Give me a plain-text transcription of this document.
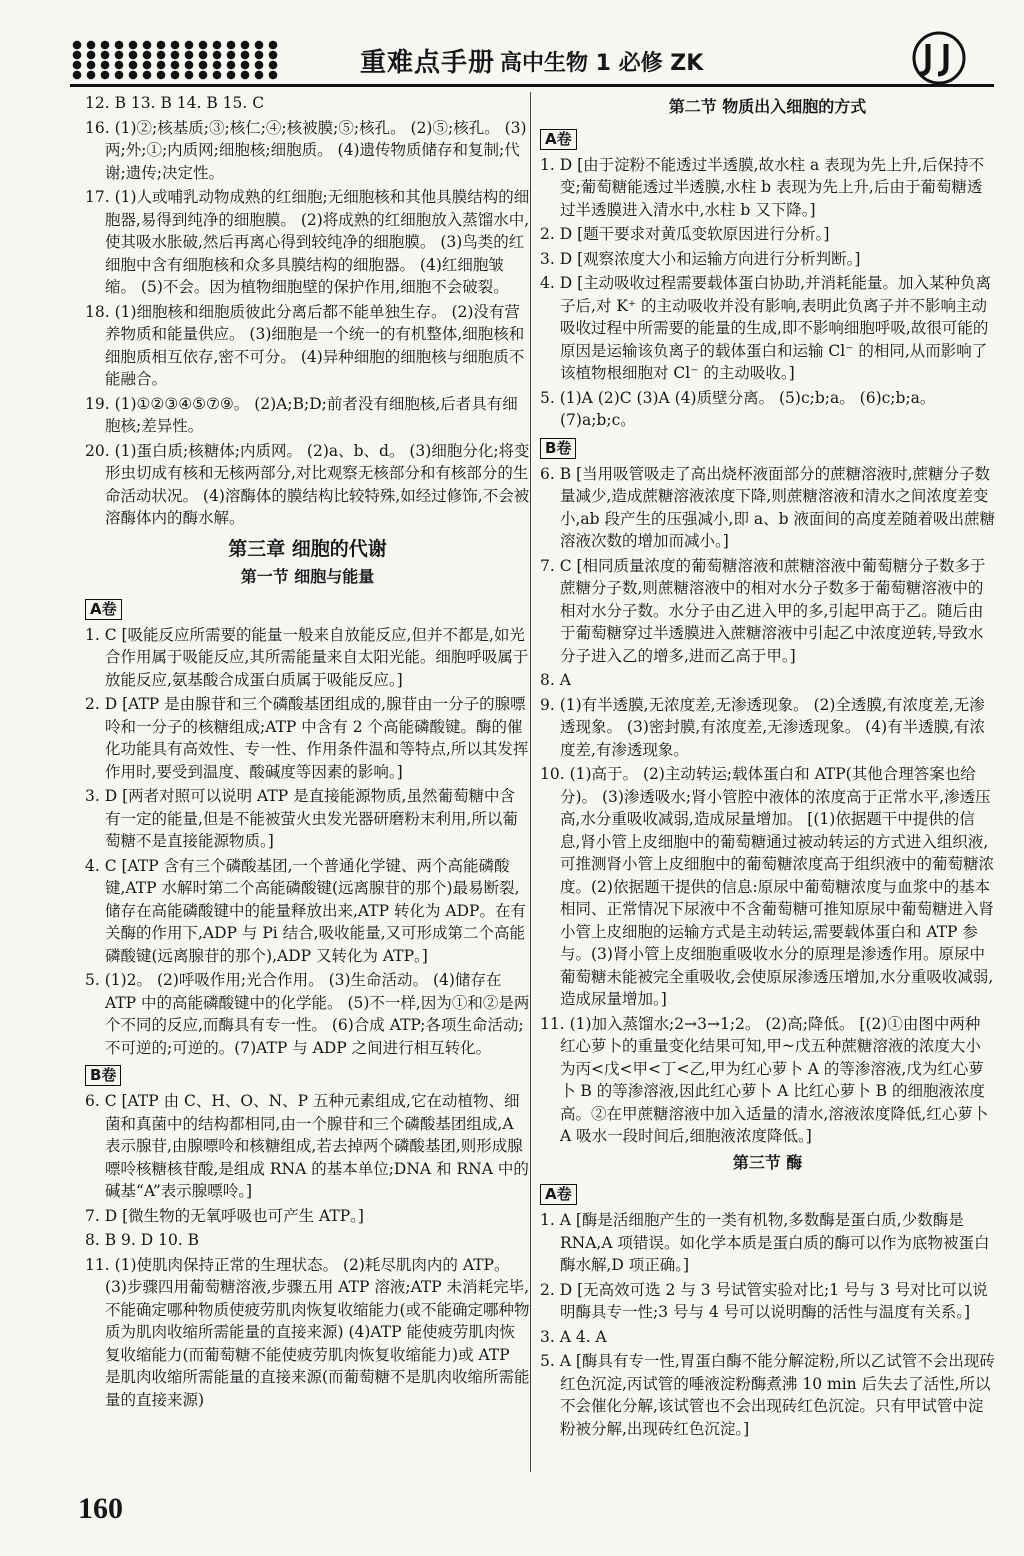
重难点手册 高中生物 1 必修 ZK
12. B 13. B 14. B 15. C
16. (1)②;核基质;③;核仁;④;核被膜;⑤;核孔。 (2)⑤;核孔。 (3)两;外;①;内质网;细胞核;细胞质。 (4)遗传物质储存和复制;代谢;遗传;决定性。
17. (1)人或哺乳动物成熟的红细胞;无细胞核和其他具膜结构的细胞器,易得到纯净的细胞膜。 (2)将成熟的红细胞放入蒸馏水中,使其吸水胀破,然后再离心得到较纯净的细胞膜。 (3)鸟类的红细胞中含有细胞核和众多具膜结构的细胞器。 (4)红细胞皱缩。 (5)不会。因为植物细胞壁的保护作用,细胞不会破裂。
18. (1)细胞核和细胞质彼此分离后都不能单独生存。 (2)没有营养物质和能量供应。 (3)细胞是一个统一的有机整体,细胞核和细胞质相互依存,密不可分。 (4)异种细胞的细胞核与细胞质不能融合。
19. (1)①②③④⑤⑦⑨。 (2)A;B;D;前者没有细胞核,后者具有细胞核;差异性。
20. (1)蛋白质;核糖体;内质网。 (2)a、b、d。 (3)细胞分化;将变形虫切成有核和无核两部分,对比观察无核部分和有核部分的生命活动状况。 (4)溶酶体的膜结构比较特殊,如经过修饰,不会被溶酶体内的酶水解。
第三章 细胞的代谢
第一节 细胞与能量
A卷
1. C [吸能反应所需要的能量一般来自放能反应,但并不都是,如光合作用属于吸能反应,其所需能量来自太阳光能。细胞呼吸属于放能反应,氨基酸合成蛋白质属于吸能反应。]
2. D [ATP 是由腺苷和三个磷酸基团组成的,腺苷由一分子的腺嘌呤和一分子的核糖组成;ATP 中含有 2 个高能磷酸键。酶的催化功能具有高效性、专一性、作用条件温和等特点,所以其发挥作用时,要受到温度、酸碱度等因素的影响。]
3. D [两者对照可以说明 ATP 是直接能源物质,虽然葡萄糖中含有一定的能量,但是不能被萤火虫发光器研磨粉末利用,所以葡萄糖不是直接能源物质。]
4. C [ATP 含有三个磷酸基团,一个普通化学键、两个高能磷酸键,ATP 水解时第二个高能磷酸键(远离腺苷的那个)最易断裂,储存在高能磷酸键中的能量释放出来,ATP 转化为 ADP。在有关酶的作用下,ADP 与 Pi 结合,吸收能量,又可形成第二个高能磷酸键(远离腺苷的那个),ADP 又转化为 ATP。]
5. (1)2。 (2)呼吸作用;光合作用。 (3)生命活动。 (4)储存在 ATP 中的高能磷酸键中的化学能。 (5)不一样,因为①和②是两个不同的反应,而酶具有专一性。 (6)合成 ATP;各项生命活动;不可逆的;可逆的。(7)ATP 与 ADP 之间进行相互转化。
B卷
6. C [ATP 由 C、H、O、N、P 五种元素组成,它在动植物、细菌和真菌中的结构都相同,由一个腺苷和三个磷酸基团组成,A 表示腺苷,由腺嘌呤和核糖组成,若去掉两个磷酸基团,则形成腺嘌呤核糖核苷酸,是组成 RNA 的基本单位;DNA 和 RNA 中的碱基“A”表示腺嘌呤。]
7. D [微生物的无氧呼吸也可产生 ATP。]
8. B 9. D 10. B
11. (1)使肌肉保持正常的生理状态。 (2)耗尽肌肉内的 ATP。 (3)步骤四用葡萄糖溶液,步骤五用 ATP 溶液;ATP 未消耗完毕,不能确定哪种物质使疲劳肌肉恢复收缩能力(或不能确定哪种物质为肌肉收缩所需能量的直接来源) (4)ATP 能使疲劳肌肉恢复收缩能力(而葡萄糖不能使疲劳肌肉恢复收缩能力)或 ATP 是肌肉收缩所需能量的直接来源(而葡萄糖不是肌肉收缩所需能量的直接来源)
第二节 物质出入细胞的方式
A卷
1. D [由于淀粉不能透过半透膜,故水柱 a 表现为先上升,后保持不变;葡萄糖能透过半透膜,水柱 b 表现为先上升,后由于葡萄糖透过半透膜进入清水中,水柱 b 又下降。]
2. D [题干要求对黄瓜变软原因进行分析。]
3. D [观察浓度大小和运输方向进行分析判断。]
4. D [主动吸收过程需要载体蛋白协助,并消耗能量。加入某种负离子后,对 K⁺ 的主动吸收并没有影响,表明此负离子并不影响主动吸收过程中所需要的能量的生成,即不影响细胞呼吸,故很可能的原因是运输该负离子的载体蛋白和运输 Cl⁻ 的相同,从而影响了该植物根细胞对 Cl⁻ 的主动吸收。]
5. (1)A (2)C (3)A (4)质壁分离。 (5)c;b;a。 (6)c;b;a。 (7)a;b;c。
B卷
6. B [当用吸管吸走了高出烧杯液面部分的蔗糖溶液时,蔗糖分子数量减少,造成蔗糖溶液浓度下降,则蔗糖溶液和清水之间浓度差变小,ab 段产生的压强减小,即 a、b 液面间的高度差随着吸出蔗糖溶液次数的增加而减小。]
7. C [相同质量浓度的葡萄糖溶液和蔗糖溶液中葡萄糖分子数多于蔗糖分子数,则蔗糖溶液中的相对水分子数多于葡萄糖溶液中的相对水分子数。水分子由乙进入甲的多,引起甲高于乙。随后由于葡萄糖穿过半透膜进入蔗糖溶液中引起乙中浓度逆转,导致水分子进入乙的增多,进而乙高于甲。]
8. A
9. (1)有半透膜,无浓度差,无渗透现象。 (2)全透膜,有浓度差,无渗透现象。 (3)密封膜,有浓度差,无渗透现象。 (4)有半透膜,有浓度差,有渗透现象。
10. (1)高于。 (2)主动转运;载体蛋白和 ATP(其他合理答案也给分)。 (3)渗透吸水;肾小管腔中液体的浓度高于正常水平,渗透压高,水分重吸收减弱,造成尿量增加。 [(1)依据题干中提供的信息,肾小管上皮细胞中的葡萄糖通过被动转运的方式进入组织液,可推测肾小管上皮细胞中的葡萄糖浓度高于组织液中的葡萄糖浓度。(2)依据题干提供的信息:原尿中葡萄糖浓度与血浆中的基本相同、正常情况下尿液中不含葡萄糖可推知原尿中葡萄糖进入肾小管上皮细胞的运输方式是主动转运,需要载体蛋白和 ATP 参与。(3)肾小管上皮细胞重吸收水分的原理是渗透作用。原尿中葡萄糖未能被完全重吸收,会使原尿渗透压增加,水分重吸收减弱,造成尿量增加。]
11. (1)加入蒸馏水;2→3→1;2。 (2)高;降低。 [(2)①由图中两种红心萝卜的重量变化结果可知,甲~戊五种蔗糖溶液的浓度大小为丙<戊<甲<丁<乙,甲为红心萝卜 A 的等渗溶液,戊为红心萝卜 B 的等渗溶液,因此红心萝卜 A 比红心萝卜 B 的细胞液浓度高。②在甲蔗糖溶液中加入适量的清水,溶液浓度降低,红心萝卜 A 吸水一段时间后,细胞液浓度降低。]
第三节 酶
A卷
1. A [酶是活细胞产生的一类有机物,多数酶是蛋白质,少数酶是 RNA,A 项错误。如化学本质是蛋白质的酶可以作为底物被蛋白酶水解,D 项正确。]
2. D [无高效可选 2 与 3 号试管实验对比;1 号与 3 号对比可以说明酶具专一性;3 号与 4 号可以说明酶的活性与温度有关系。]
3. A 4. A
5. A [酶具有专一性,胃蛋白酶不能分解淀粉,所以乙试管不会出现砖红色沉淀,丙试管的唾液淀粉酶煮沸 10 min 后失去了活性,所以不会催化分解,该试管也不会出现砖红色沉淀。只有甲试管中淀粉被分解,出现砖红色沉淀。]
160
